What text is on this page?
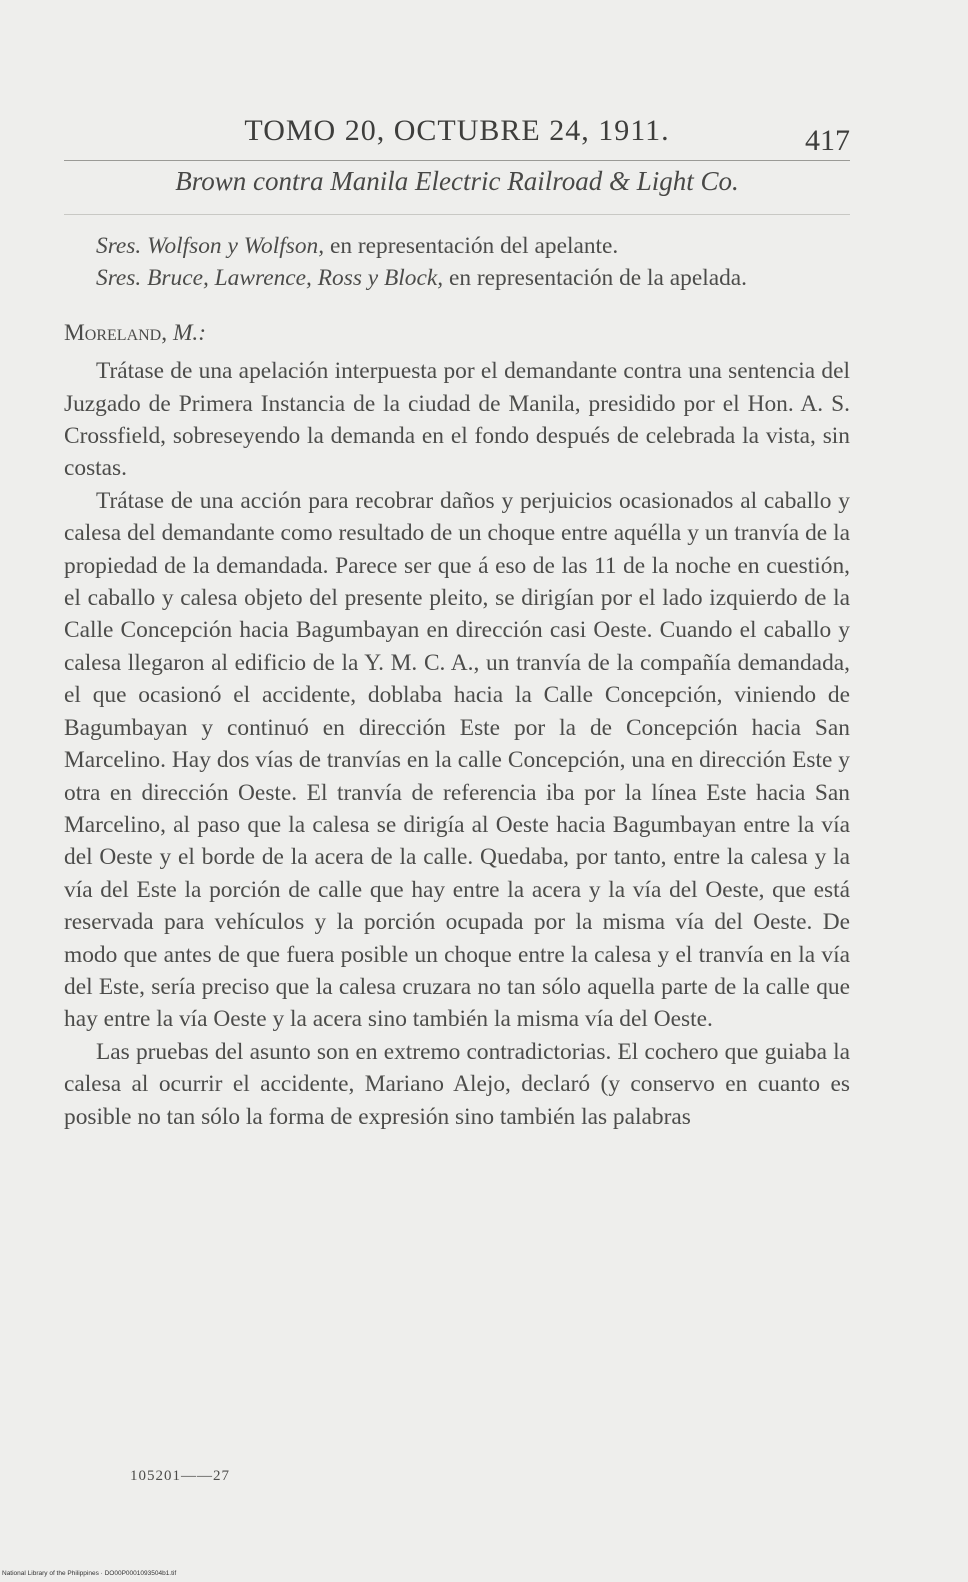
TOMO 20, OCTUBRE 24, 1911.	417
Brown contra Manila Electric Railroad & Light Co.

Sres. Wolfson y Wolfson, en representación del apelante.

Sres. Bruce, Lawrence, Ross y Block, en representación de la apelada.

Moreland, M.:

Trátase de una apelación interpuesta por el demandante contra una sentencia del Juzgado de Primera Instancia de la ciudad de Manila, presidido por el Hon. A. S. Crossfield, sobreseyendo la demanda en el fondo después de celebrada la vista, sin costas.

Trátase de una acción para recobrar daños y perjuicios ocasionados al caballo y calesa del demandante como resultado de un choque entre aquélla y un tranvía de la propiedad de la demandada. Parece ser que á eso de las 11 de la noche en cuestión, el caballo y calesa objeto del presente pleito, se dirigían por el lado izquierdo de la Calle Concepción hacia Bagumbayan en dirección casi Oeste. Cuando el caballo y calesa llegaron al edificio de la Y. M. C. A., un tranvía de la compañía demandada, el que ocasionó el accidente, doblaba hacia la Calle Concepción, viniendo de Bagumbayan y continuó en dirección Este por la de Concepción hacia San Marcelino. Hay dos vías de tranvías en la calle Concepción, una en dirección Este y otra en dirección Oeste. El tranvía de referencia iba por la línea Este hacia San Marcelino, al paso que la calesa se dirigía al Oeste hacia Bagumbayan entre la vía del Oeste y el borde de la acera de la calle. Quedaba, por tanto, entre la calesa y la vía del Este la porción de calle que hay entre la acera y la vía del Oeste, que está reservada para vehículos y la porción ocupada por la misma vía del Oeste. De modo que antes de que fuera posible un choque entre la calesa y el tranvía en la vía del Este, sería preciso que la calesa cruzara no tan sólo aquella parte de la calle que hay entre la vía Oeste y la acera sino también la misma vía del Oeste.

Las pruebas del asunto son en extremo contradictorias. El cochero que guiaba la calesa al ocurrir el accidente, Mariano Alejo, declaró (y conservo en cuanto es posible no tan sólo la forma de expresión sino también las palabras

105201——27
National Library of the Philippines · DO00P0001093504b1.tif
